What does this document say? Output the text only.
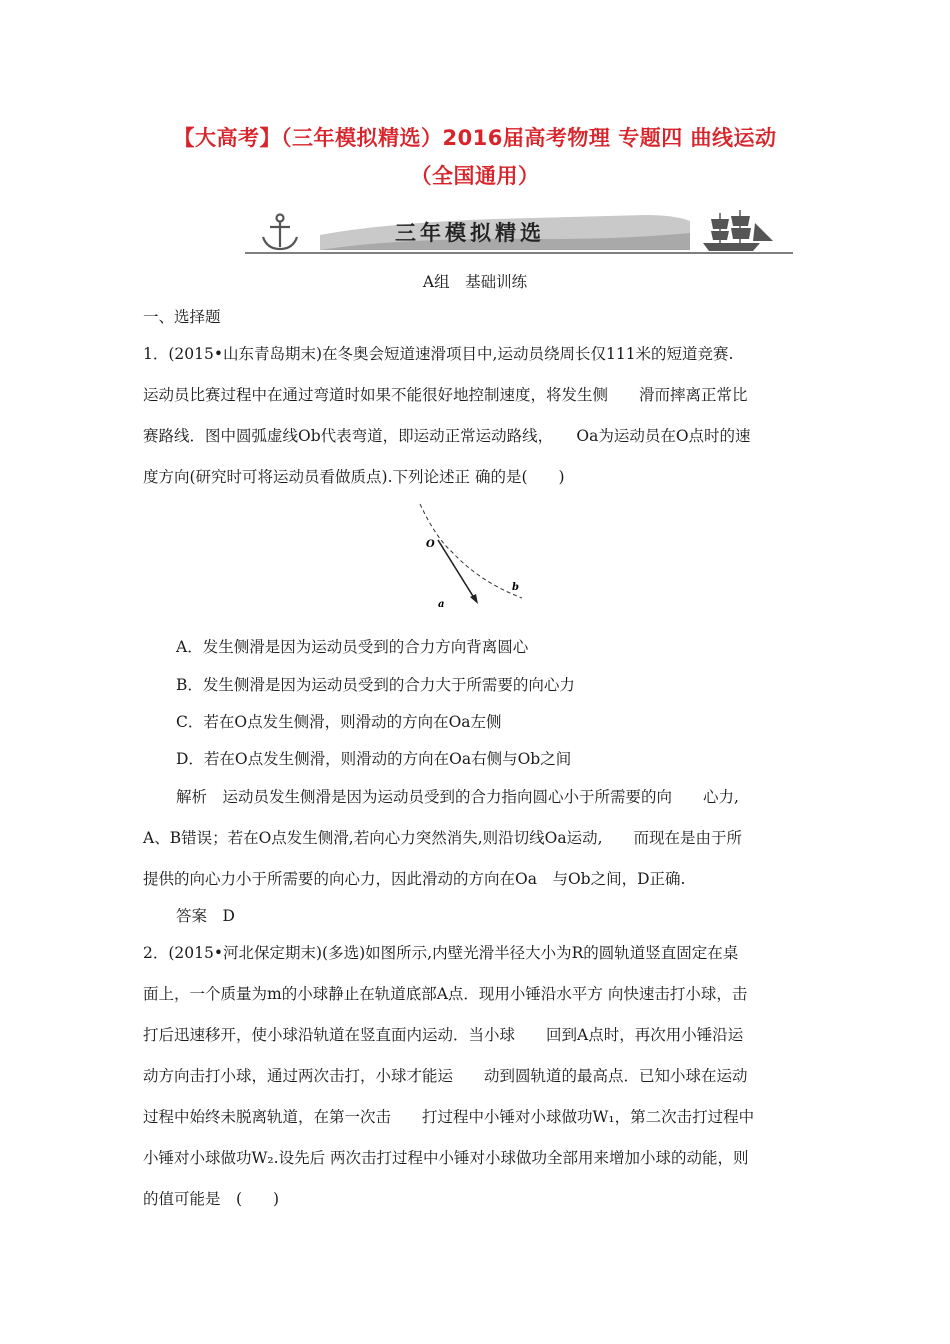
【大高考】（三年模拟精选）2016届高考物理 专题四 曲线运动
（全国通用）
三年模拟精选
A组　基础训练
一、选择题
1．(2015•山东青岛期末)在冬奥会短道速滑项目中,运动员绕周长仅111米的短道竞赛.
运动员比赛过程中在通过弯道时如果不能很好地控制速度，将发生侧　　滑而摔离正常比
赛路线．图中圆弧虚线Ob代表弯道，即运动正常运动路线，　　Oa为运动员在O点时的速
度方向(研究时可将运动员看做质点).下列论述正 确的是(　　)
O
a
b
A．发生侧滑是因为运动员受到的合力方向背离圆心
B．发生侧滑是因为运动员受到的合力大于所需要的向心力
C．若在O点发生侧滑，则滑动的方向在Oa左侧
D．若在O点发生侧滑，则滑动的方向在Oa右侧与Ob之间
解析　运动员发生侧滑是因为运动员受到的合力指向圆心小于所需要的向　　心力,
A、B错误；若在O点发生侧滑,若向心力突然消失,则沿切线Oa运动,　　而现在是由于所
提供的向心力小于所需要的向心力，因此滑动的方向在Oa　与Ob之间，D正确.
答案　D
2．(2015•河北保定期末)(多选)如图所示,内壁光滑半径大小为R的圆轨道竖直固定在桌
面上，一个质量为m的小球静止在轨道底部A点．现用小锤沿水平方 向快速击打小球，击
打后迅速移开，使小球沿轨道在竖直面内运动．当小球　　回到A点时，再次用小锤沿运
动方向击打小球，通过两次击打，小球才能运　　动到圆轨道的最高点．已知小球在运动
过程中始终未脱离轨道，在第一次击　　打过程中小锤对小球做功W₁，第二次击打过程中
小锤对小球做功W₂.设先后 两次击打过程中小锤对小球做功全部用来增加小球的动能，则
的值可能是　(　　)
